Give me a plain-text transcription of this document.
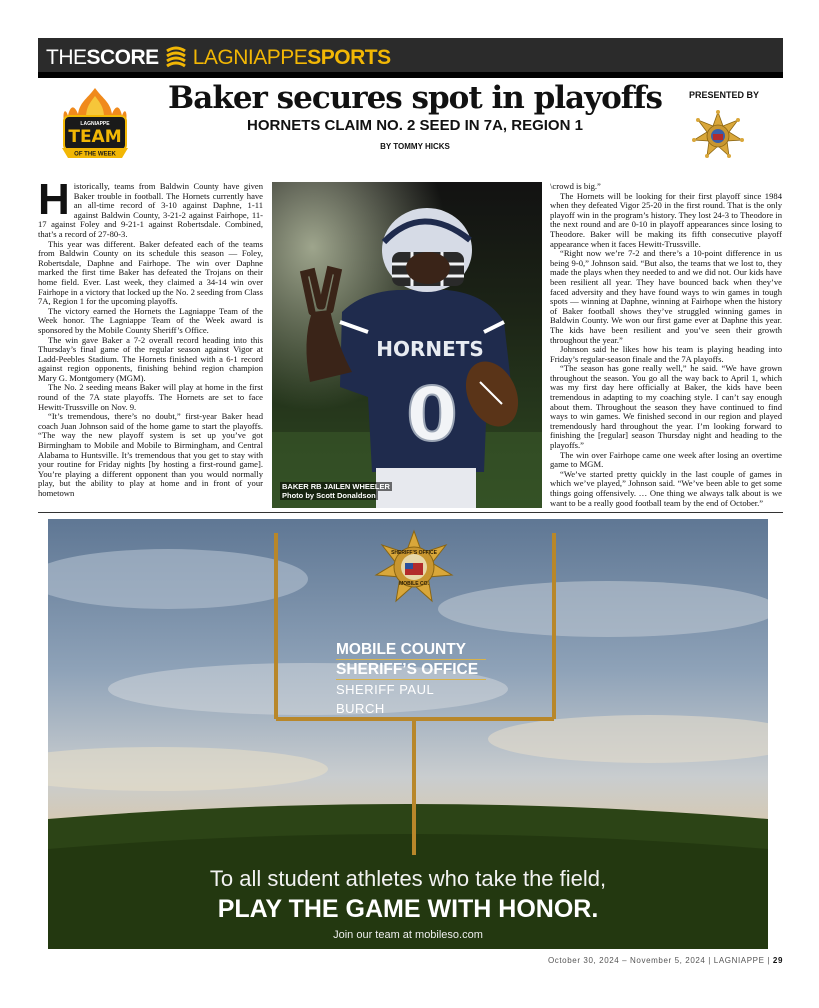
THE SCORE LAGNIAPPE SPORTS
LAGNIAPPE
TEAM
OF THE WEEK
Baker secures spot in playoffs
HORNETS CLAIM NO. 2 SEED IN 7A, REGION 1
BY TOMMY HICKS
PRESENTED BY
H istorically, teams from Baldwin County have given Baker trouble in football. The Hornets currently have an all-time record of 3-10 against Daphne, 1-11 against Baldwin County, 3-21-2 against Fairhope, 11-17 against Foley and 9-21-1 against Robertsdale. Combined, that’s a record of 27-80-3.

This year was different. Baker defeated each of the teams from Baldwin County on its schedule this season — Foley, Robertsdale, Daphne and Fairhope. The win over Daphne marked the first time Baker has defeated the Trojans on their home field. Ever. Last week, they claimed a 34-14 win over Fairhope in a victory that locked up the No. 2 seeding from Class 7A, Region 1 for the upcoming playoffs.

The victory earned the Hornets the Lagniappe Team of the Week honor. The Lagniappe Team of the Week award is sponsored by the Mobile County Sheriff’s Office.

The win gave Baker a 7-2 overall record heading into this Thursday’s final game of the regular season against Vigor at Ladd-Peebles Stadium. The Hornets finished with a 6-1 record against region opponents, finishing behind region champion Mary G. Montgomery (MGM).

The No. 2 seeding means Baker will play at home in the first round of the 7A state playoffs. The Hornets are set to face Hewitt-Trussville on Nov. 9.

“It’s tremendous, there’s no doubt,” first-year Baker head coach Juan Johnson said of the home game to start the playoffs. “The way the new playoff system is set up you’ve got Birmingham to Mobile and Mobile to Birmingham, and Central Alabama to Huntsville. It’s tremendous that you get to stay with your routine for Friday nights [by hosting a first-round game]. You’re playing a different opponent than you would normally play, but the ability to play at home and in front of your hometown

HORNETS
0
BAKER RB JAILEN WHEELER
Photo by Scott Donaldson

\crowd is big.”

The Hornets will be looking for their first playoff since 1984 when they defeated Vigor 25-20 in the first round. That is the only playoff win in the program’s history. They lost 24-3 to Theodore in the next round and are 0-10 in playoff appearances since losing to Theodore. Baker will be making its fifth consecutive playoff appearance when it faces Hewitt-Trussville.

“Right now we’re 7-2 and there’s a 10-point difference in us being 9-0,” Johnson said. “But also, the teams that we lost to, they made the plays when they needed to and we did not. Our kids have been resilient all year. They have bounced back when they’ve faced adversity and they have found ways to win games in tough spots — winning at Daphne, winning at Fairhope when the history of Baker football shows they’ve struggled winning games in Baldwin County. We won our first game ever at Daphne this year. The kids have been resilient and you’ve seen their growth throughout the year.”

Johnson said he likes how his team is playing heading into Friday’s regular-season finale and the 7A playoffs.

“The season has gone really well,” he said. “We have grown throughout the season. You go all the way back to April 1, which was my first day here officially at Baker, the kids have been tremendous in adapting to my coaching style. I can’t say enough about them. Throughout the season they have continued to find ways to win games. We finished second in our region and played tremendously hard throughout the year. I’m looking forward to finishing the [regular] season Thursday night and heading to the playoffs.”

The win over Fairhope came one week after losing an overtime game to MGM.

“We’ve started pretty quickly in the last couple of games in which we’ve played,” Johnson said. “We’ve been able to get some things going offensively. … One thing we always talk about is we want to be a really good football team by the end of October.”

SHERIFF’S OFFICE
MOBILE CO.
MOBILE COUNTY
SHERIFF’S OFFICE
SHERIFF PAUL BURCH
To all student athletes who take the field,
PLAY THE GAME WITH HONOR.
Join our team at mobileso.com
October 30, 2024 – November 5, 2024 | LAGNIAPPE | 29
